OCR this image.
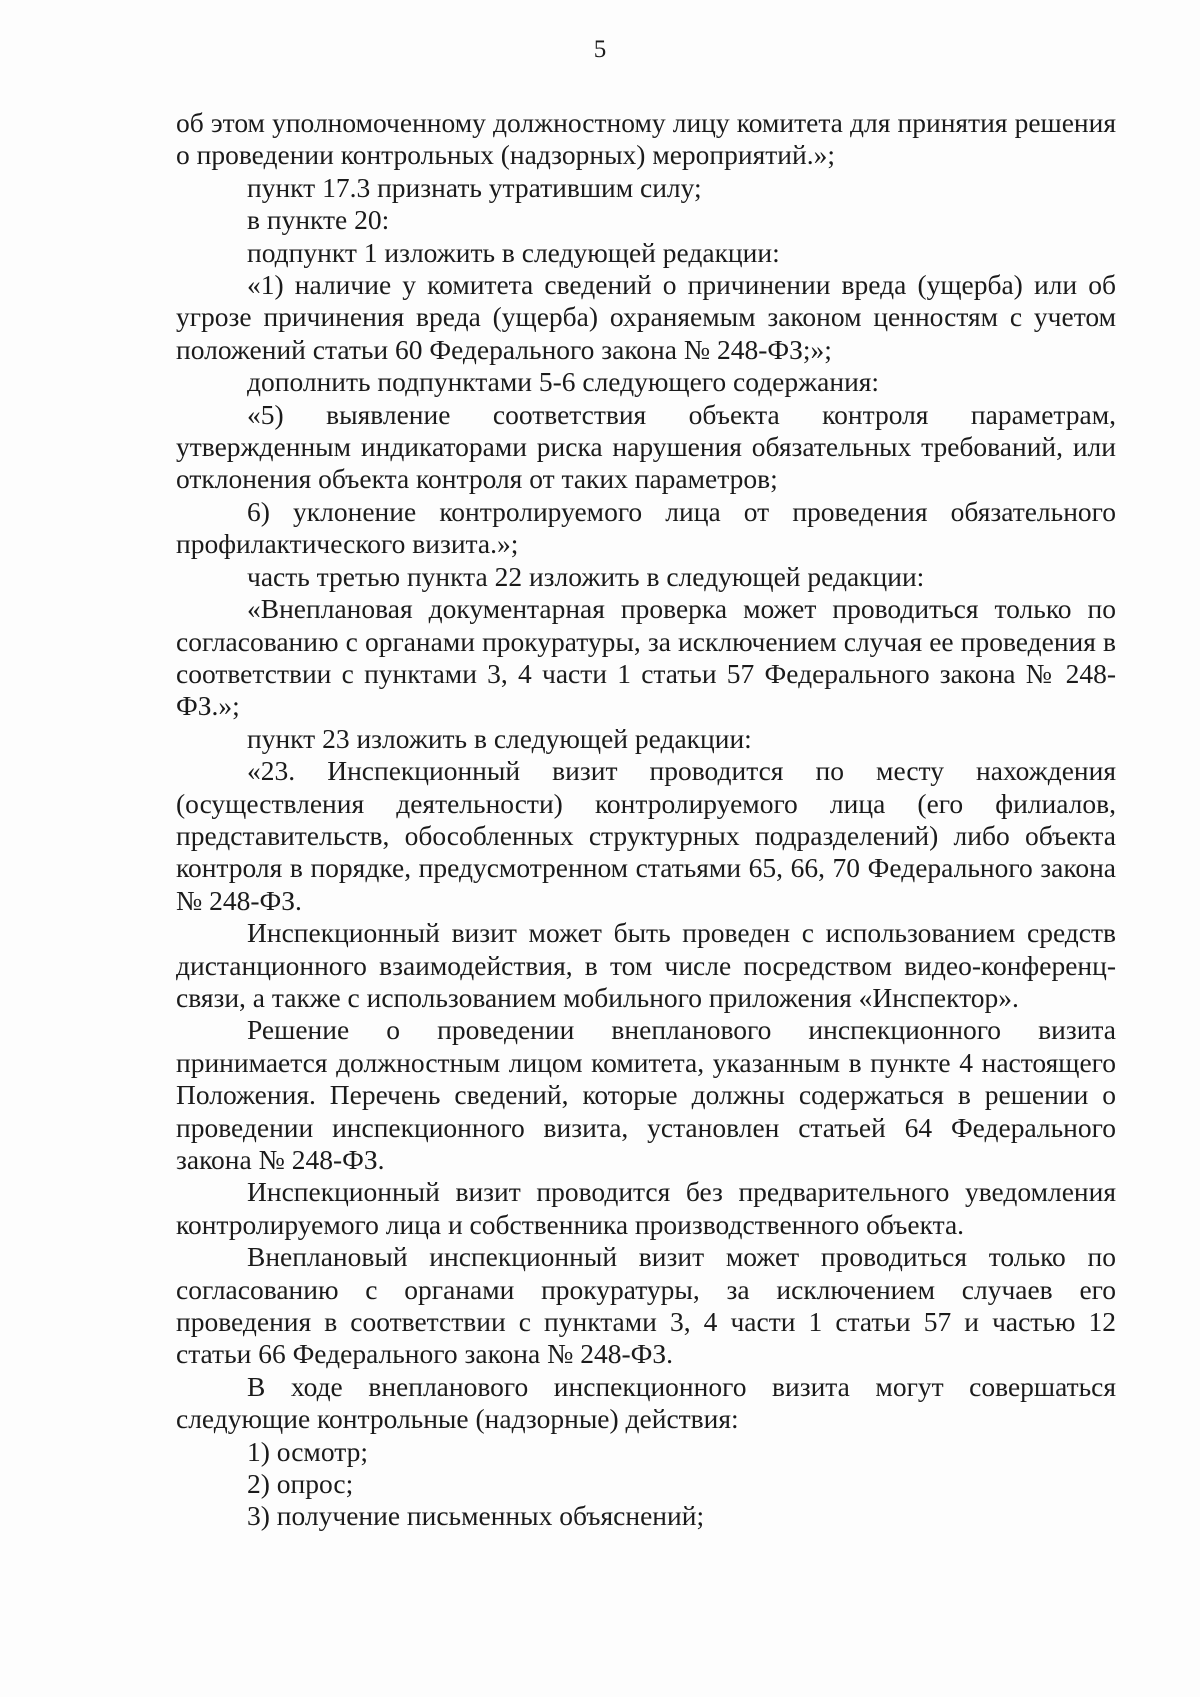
5

об этом уполномоченному должностному лицу комитета для принятия решения о проведении контрольных (надзорных) мероприятий.»;

пункт 17.3 признать утратившим силу;

в пункте 20:

подпункт 1 изложить в следующей редакции:

«1) наличие у комитета сведений о причинении вреда (ущерба) или об угрозе причинения вреда (ущерба) охраняемым законом ценностям с учетом положений статьи 60 Федерального закона № 248-ФЗ;»;

дополнить подпунктами 5-6 следующего содержания:

«5) выявление соответствия объекта контроля параметрам, утвержденным индикаторами риска нарушения обязательных требований, или отклонения объекта контроля от таких параметров;

6) уклонение контролируемого лица от проведения обязательного профилактического визита.»;

часть третью пункта 22 изложить в следующей редакции:

«Внеплановая документарная проверка может проводиться только по согласованию с органами прокуратуры, за исключением случая ее проведения в соответствии с пунктами 3, 4 части 1 статьи 57 Федерального закона № 248-ФЗ.»;

пункт 23 изложить в следующей редакции:

«23. Инспекционный визит проводится по месту нахождения (осуществления деятельности) контролируемого лица (его филиалов, представительств, обособленных структурных подразделений) либо объекта контроля в порядке, предусмотренном статьями 65, 66, 70 Федерального закона № 248-ФЗ.

Инспекционный визит может быть проведен с использованием средств дистанционного взаимодействия, в том числе посредством видео-конференц-связи, а также с использованием мобильного приложения «Инспектор».

Решение о проведении внепланового инспекционного визита принимается должностным лицом комитета, указанным в пункте 4 настоящего Положения. Перечень сведений, которые должны содержаться в решении о проведении инспекционного визита, установлен статьей 64 Федерального закона № 248-ФЗ.

Инспекционный визит проводится без предварительного уведомления контролируемого лица и собственника производственного объекта.

Внеплановый инспекционный визит может проводиться только по согласованию с органами прокуратуры, за исключением случаев его проведения в соответствии с пунктами 3, 4 части 1 статьи 57 и частью 12 статьи 66 Федерального закона № 248-ФЗ.

В ходе внепланового инспекционного визита могут совершаться следующие контрольные (надзорные) действия:

1) осмотр;

2) опрос;

3) получение письменных объяснений;
